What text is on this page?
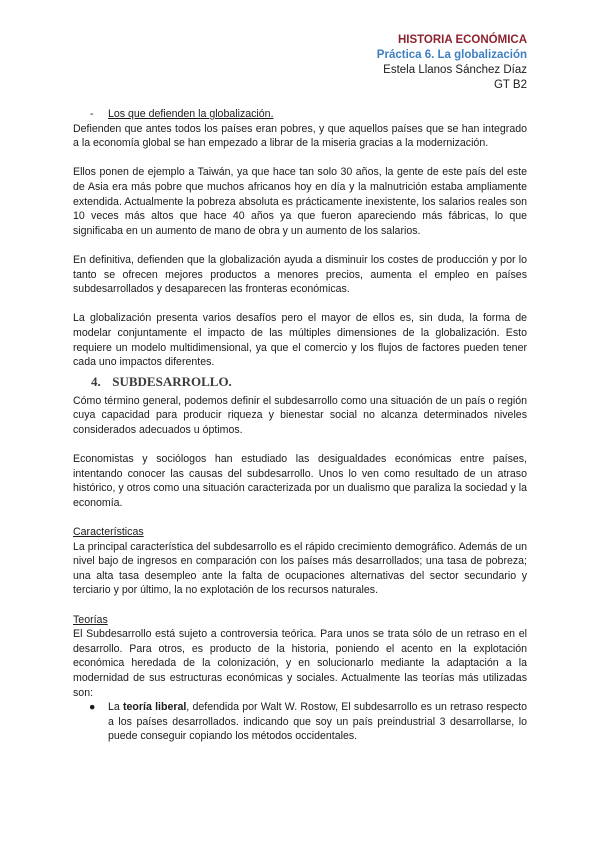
HISTORIA ECONÓMICA
Práctica 6. La globalización
Estela Llanos Sánchez Díaz
GT B2
- Los que defienden la globalización.

Defienden que antes todos los países eran pobres, y que aquellos países que se han integrado a la economía global se han empezado a librar de la miseria gracias a la modernización.

Ellos ponen de ejemplo a Taiwán, ya que hace tan solo 30 años, la gente de este país del este de Asia era más pobre que muchos africanos hoy en día y la malnutrición estaba ampliamente extendida. Actualmente la pobreza absoluta es prácticamente inexistente, los salarios reales son 10 veces más altos que hace 40 años ya que fueron apareciendo más fábricas, lo que significaba en un aumento de mano de obra y un aumento de los salarios.

En definitiva, defienden que la globalización ayuda a disminuir los costes de producción y por lo tanto se ofrecen mejores productos a menores precios, aumenta el empleo en países subdesarrollados y desaparecen las fronteras económicas.

La globalización presenta varios desafíos pero el mayor de ellos es, sin duda, la forma de modelar conjuntamente el impacto de las múltiples dimensiones de la globalización. Esto requiere un modelo multidimensional, ya que el comercio y los flujos de factores pueden tener cada uno impactos diferentes.

4. SUBDESARROLLO.

Cómo término general, podemos definir el subdesarrollo como una situación de un país o región cuya capacidad para producir riqueza y bienestar social no alcanza determinados niveles considerados adecuados u óptimos.

Economistas y sociólogos han estudiado las desigualdades económicas entre países, intentando conocer las causas del subdesarrollo. Unos lo ven como resultado de un atraso histórico, y otros como una situación caracterizada por un dualismo que paraliza la sociedad y la economía.

Características

La principal característica del subdesarrollo es el rápido crecimiento demográfico. Además de un nivel bajo de ingresos en comparación con los países más desarrollados; una tasa de pobreza; una alta tasa desempleo ante la falta de ocupaciones alternativas del sector secundario y terciario y por último, la no explotación de los recursos naturales.

Teorías

El Subdesarrollo está sujeto a controversia teórica. Para unos se trata sólo de un retraso en el desarrollo. Para otros, es producto de la historia, poniendo el acento en la explotación económica heredada de la colonización, y en solucionarlo mediante la adaptación a la modernidad de sus estructuras económicas y sociales. Actualmente las teorías más utilizadas son:

● La teoría liberal, defendida por Walt W. Rostow, El subdesarrollo es un retraso respecto a los países desarrollados. indicando que soy un país preindustrial 3 desarrollarse, lo puede conseguir copiando los métodos occidentales.
